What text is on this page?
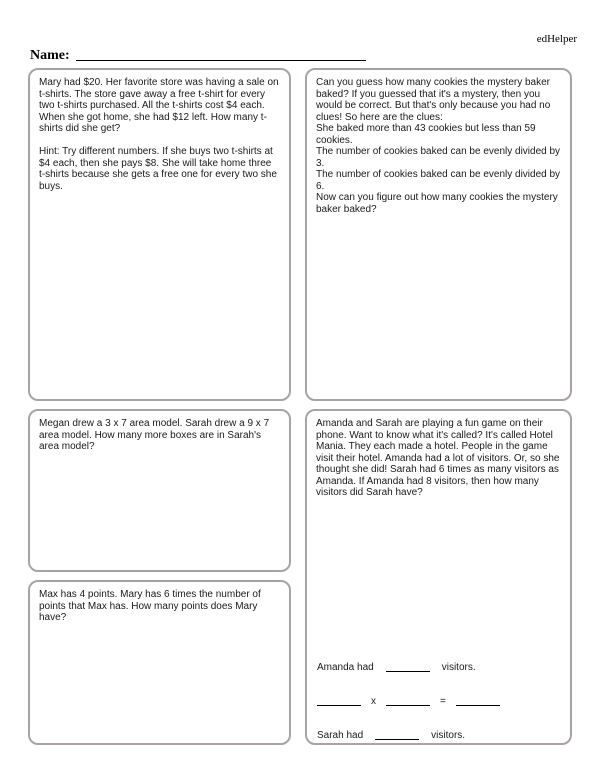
edHelper
Name:

Mary had $20. Her favorite store was having a sale on t-shirts. The store gave away a free t-shirt for every two t-shirts purchased. All the t-shirts cost $4 each. When she got home, she had $12 left. How many t-shirts did she get?

Hint: Try different numbers. If she buys two t-shirts at $4 each, then she pays $8. She will take home three t-shirts because she gets a free one for every two she buys.

Can you guess how many cookies the mystery baker baked? If you guessed that it's a mystery, then you would be correct. But that's only because you had no clues! So here are the clues:

She baked more than 43 cookies but less than 59 cookies.

The number of cookies baked can be evenly divided by 3.

The number of cookies baked can be evenly divided by 6.

Now can you figure out how many cookies the mystery baker baked?

Megan drew a 3 x 7 area model. Sarah drew a 9 x 7 area model. How many more boxes are in Sarah's area model?

Amanda and Sarah are playing a fun game on their phone. Want to know what it's called? It's called Hotel Mania. They each made a hotel. People in the game visit their hotel. Amanda had a lot of visitors. Or, so she thought she did! Sarah had 6 times as many visitors as Amanda. If Amanda had 8 visitors, then how many visitors did Sarah have?

Amanda had	visitors.
x	=
Sarah had	visitors.

Max has 4 points. Mary has 6 times the number of points that Max has. How many points does Mary have?
